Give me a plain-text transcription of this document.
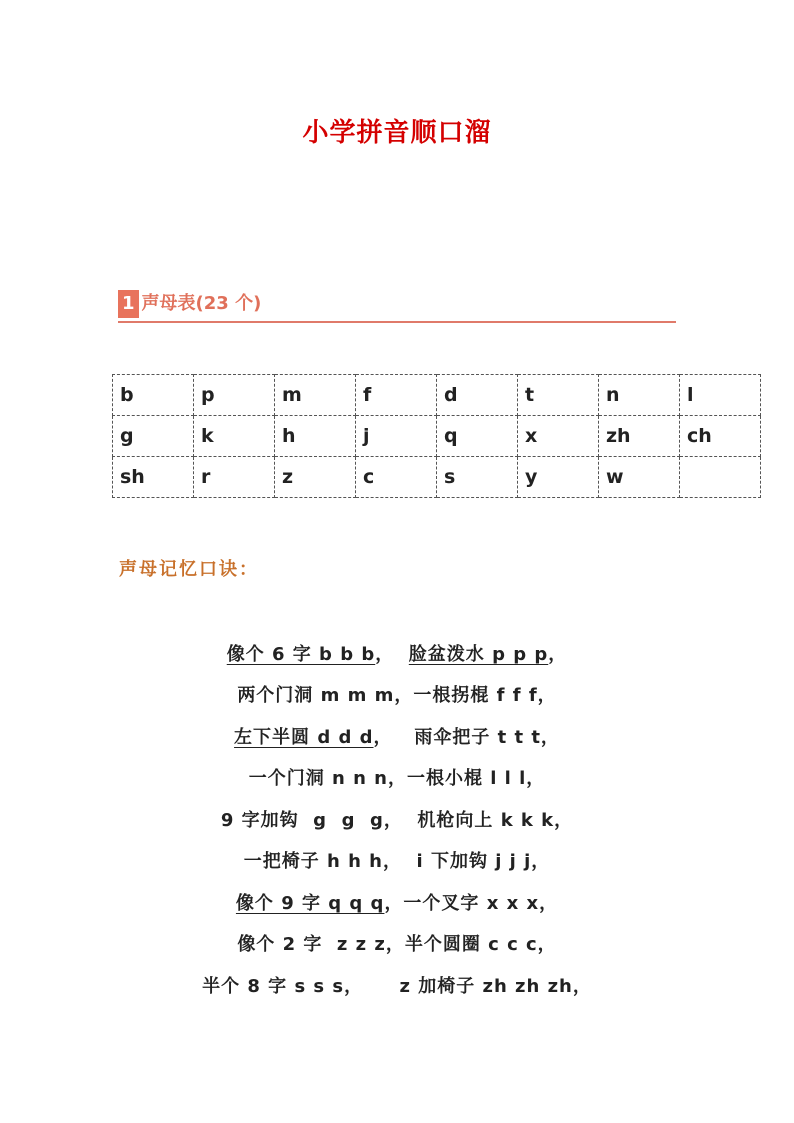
小学拼音顺口溜
1 声母表(23 个)
b	p	m	f	d	t	n	l
g	k	h	j	q	x	zh	ch
sh	r	z	c	s	y	w	
声母记忆口诀：
像个 6 字 b b b， 脸盆泼水 p p p，
两个门洞 m m m，一根拐棍 f f f，
左下半圆 d d d，   雨伞把子 t t t，
一个门洞 n n n，一根小棍 l l l，
9 字加钩  g  g  g，  机枪向上 k k k，
一把椅子 h h h，  i 下加钩 j j j，
像个 9 字 q q q，一个叉字 x x x，
像个 2 字  z z z，半个圆圈 c c c，
半个 8 字 s s s，     z 加椅子 zh zh zh，
